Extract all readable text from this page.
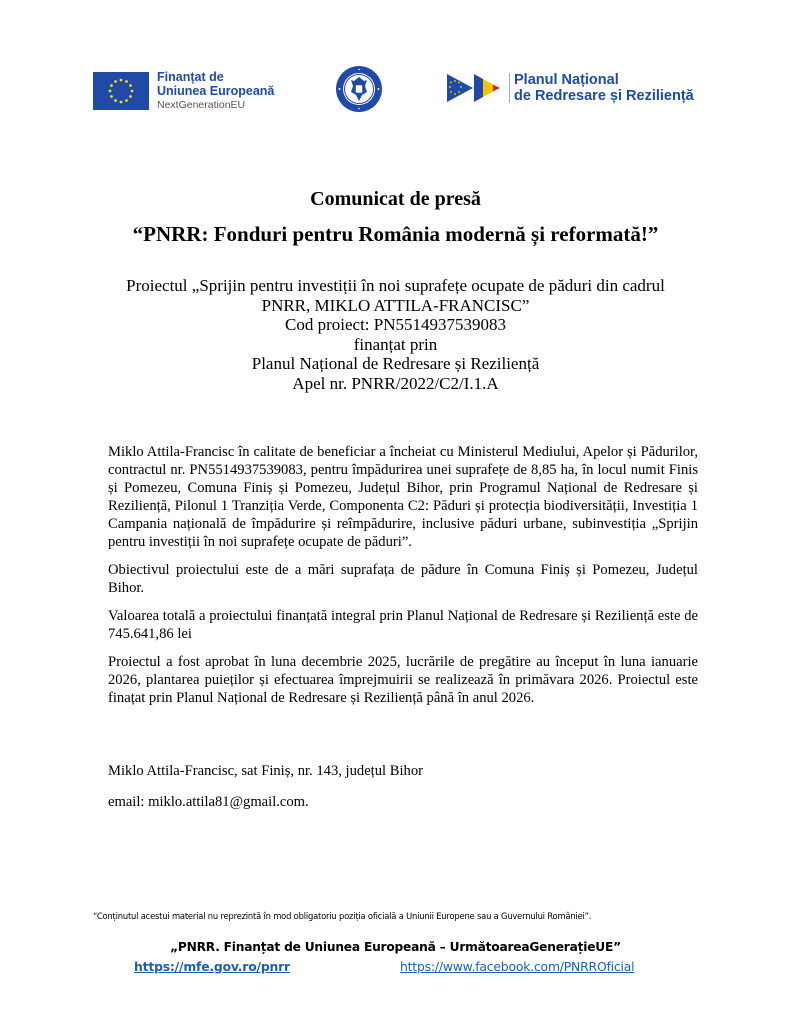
Finanțat de
Uniunea Europeană
NextGenerationEU
Planul Național
de Redresare și Reziliență
Comunicat de presă
“PNRR: Fonduri pentru România modernă și reformată!”
Proiectul „Sprijin pentru investiții în noi suprafețe ocupate de păduri din cadrul
PNRR, MIKLO ATTILA-FRANCISC”
Cod proiect: PN5514937539083
finanțat prin
Planul Național de Redresare și Reziliență
Apel nr. PNRR/2022/C2/I.1.A

Miklo Attila-Francisc în calitate de beneficiar a încheiat cu Ministerul Mediului, Apelor și Pădurilor, contractul nr. PN5514937539083, pentru împădurirea unei suprafețe de 8,85 ha, în locul numit Finis și Pomezeu, Comuna Finiș și Pomezeu, Județul Bihor, prin Programul Național de Redresare și Reziliență, Pilonul 1 Tranziția Verde, Componenta C2: Păduri și protecția biodiversității, Investiția 1 Campania națională de împădurire și reîmpădurire, inclusive păduri urbane, subinvestiția „Sprijin pentru investiții în noi suprafețe ocupate de păduri”.

Obiectivul proiectului este de a mări suprafața de pădure în Comuna Finiș și Pomezeu, Județul Bihor.

Valoarea totală a proiectului finanțată integral prin Planul Național de Redresare și Reziliență este de 745.641,86 lei

Proiectul a fost aprobat în luna decembrie 2025, lucrările de pregătire au început în luna ianuarie 2026, plantarea puieților și efectuarea împrejmuirii se realizează în primăvara 2026. Proiectul este finațat prin Planul Național de Redresare și Reziliență până în anul 2026.

Miklo Attila-Francisc, sat Finiș, nr. 143, județul Bihor
email: miklo.attila81@gmail.com.
“Conținutul acestui material nu reprezintă în mod obligatoriu poziția oficială a Uniunii Europene sau a Guvernului României”.
„PNRR. Finanțat de Uniunea Europeană – UrmătoareaGenerațieUE”
https://mfe.gov.ro/pnrr	https://www.facebook.com/PNRROficial
